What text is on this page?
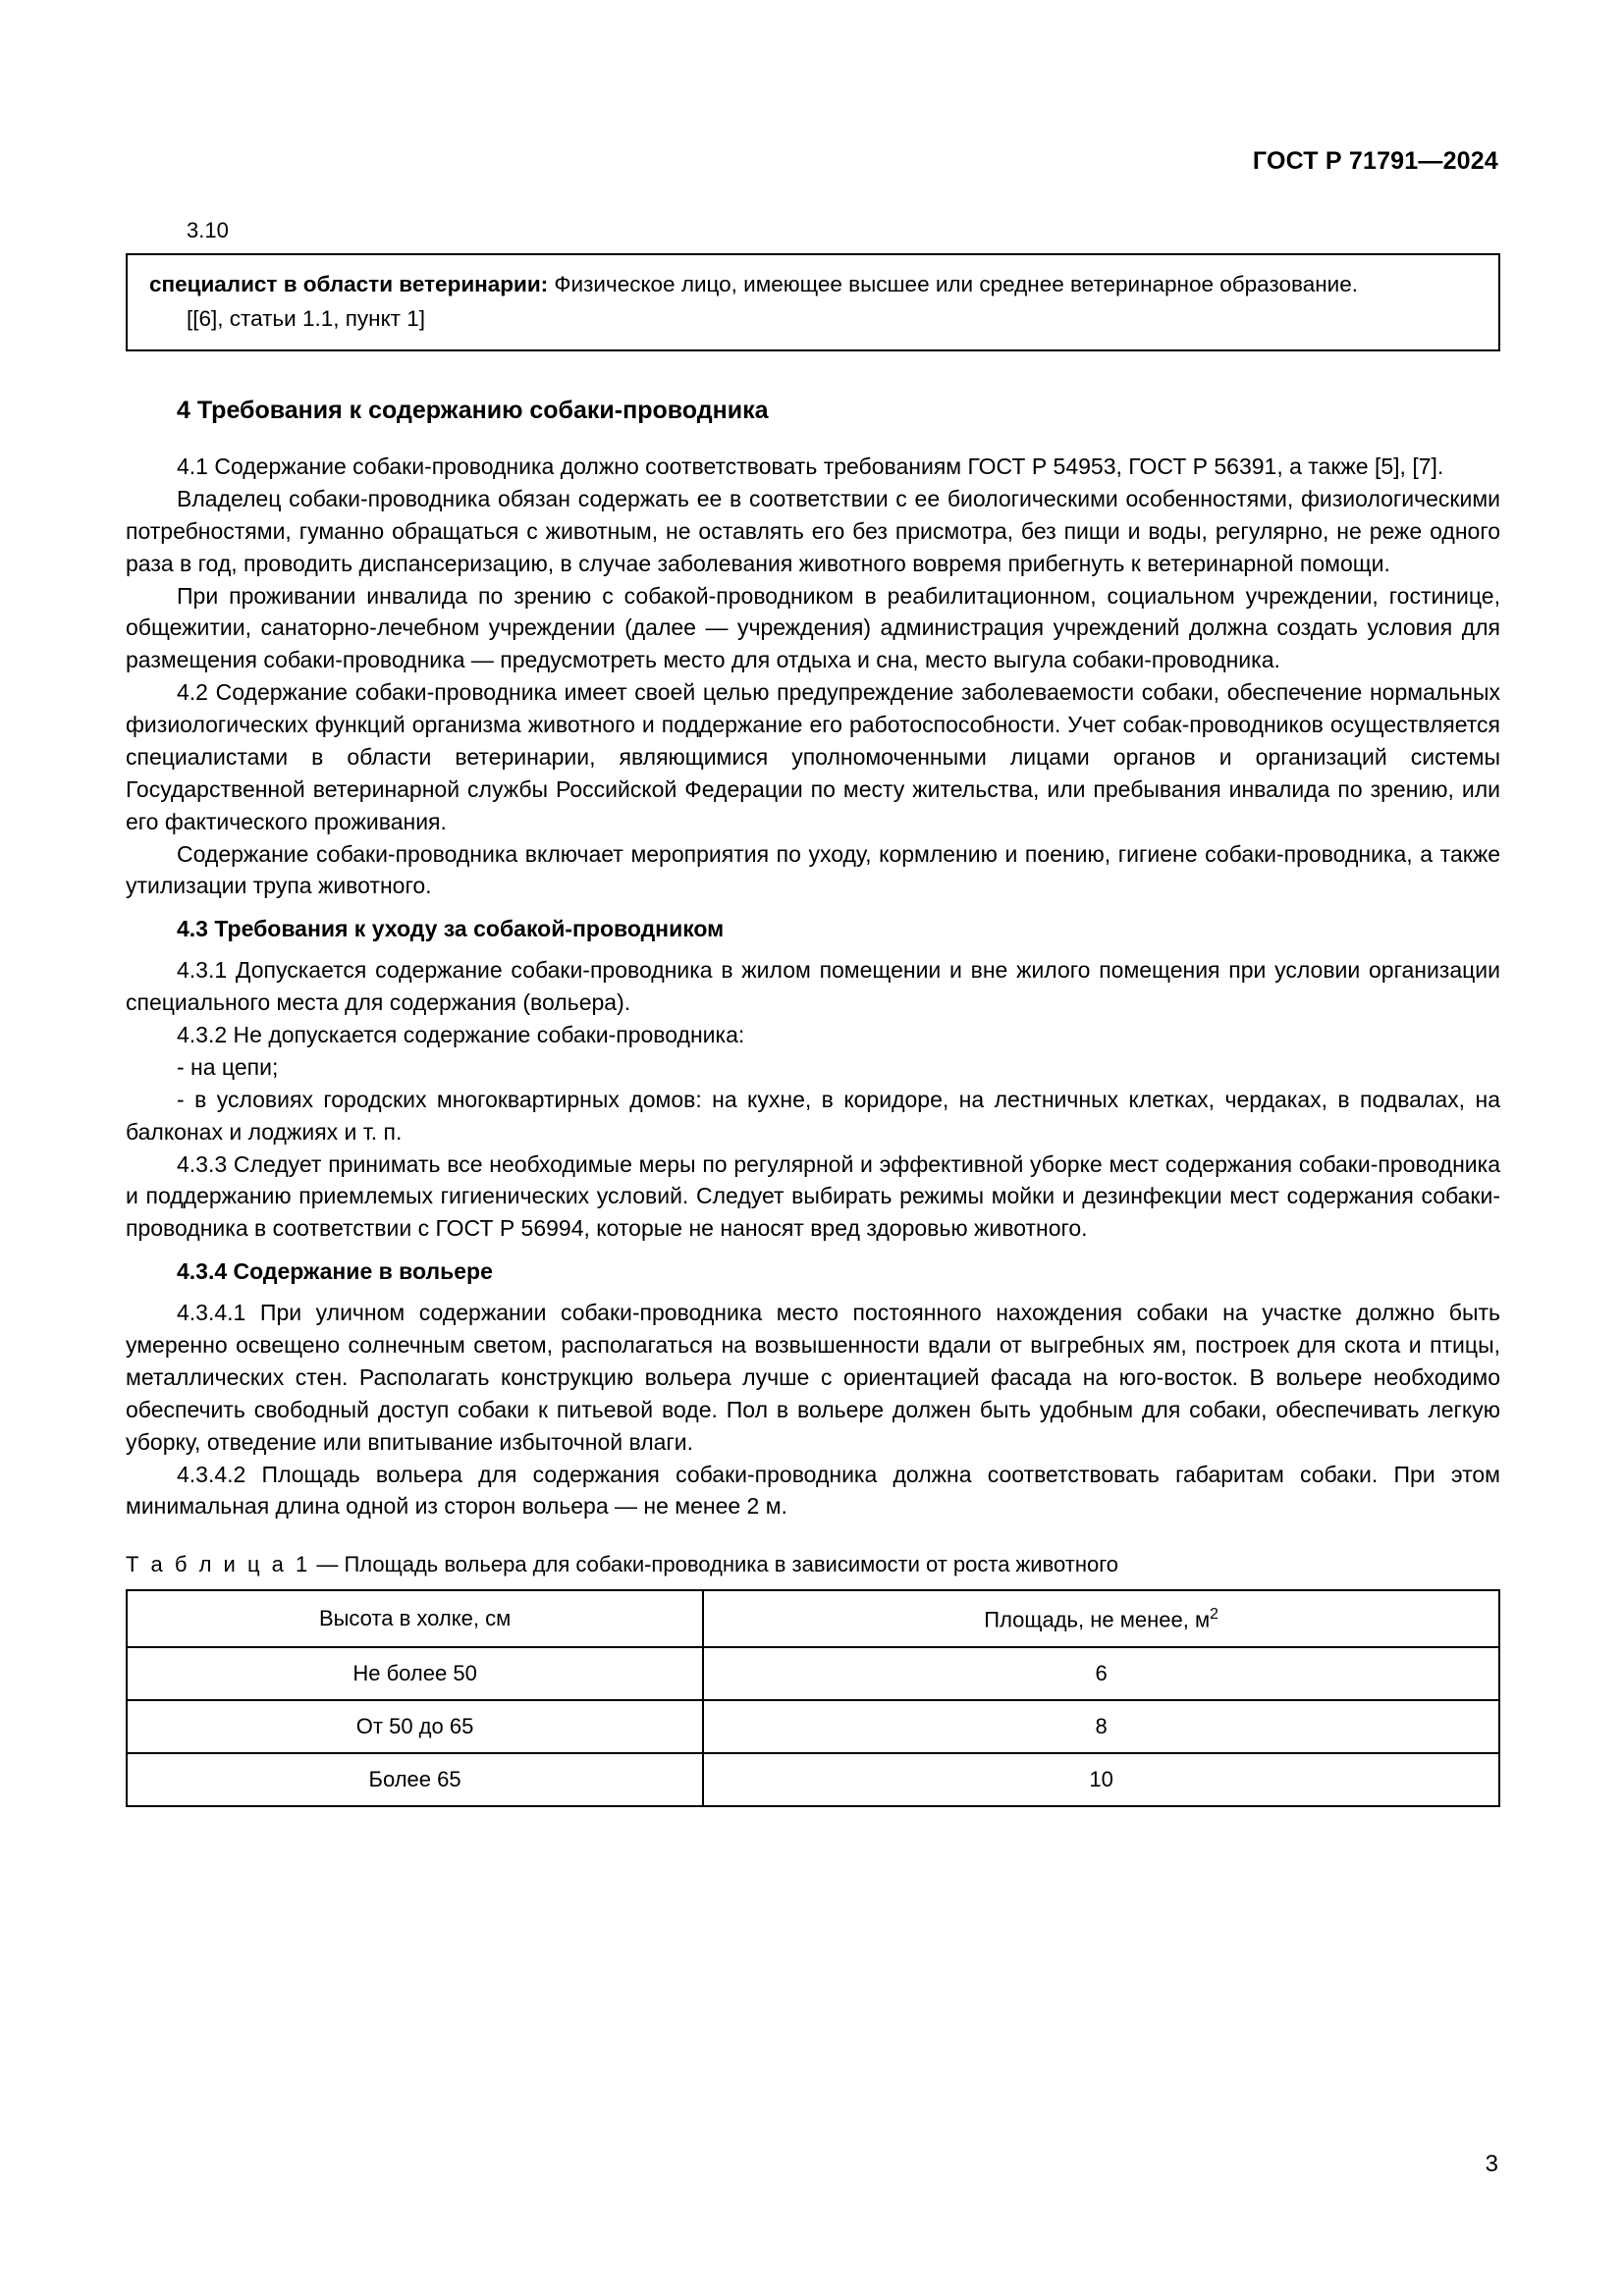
ГОСТ Р 71791—2024
3.10

специалист в области ветеринарии: Физическое лицо, имеющее высшее или среднее ветеринарное образование.

[[6], статьи 1.1, пункт 1]

4 Требования к содержанию собаки-проводника

4.1 Содержание собаки-проводника должно соответствовать требованиям ГОСТ Р 54953, ГОСТ Р 56391, а также [5], [7].

Владелец собаки-проводника обязан содержать ее в соответствии с ее биологическими особенностями, физиологическими потребностями, гуманно обращаться с животным, не оставлять его без присмотра, без пищи и воды, регулярно, не реже одного раза в год, проводить диспансеризацию, в случае заболевания животного вовремя прибегнуть к ветеринарной помощи.

При проживании инвалида по зрению с собакой-проводником в реабилитационном, социальном учреждении, гостинице, общежитии, санаторно-лечебном учреждении (далее — учреждения) администрация учреждений должна создать условия для размещения собаки-проводника — предусмотреть место для отдыха и сна, место выгула собаки-проводника.

4.2 Содержание собаки-проводника имеет своей целью предупреждение заболеваемости собаки, обеспечение нормальных физиологических функций организма животного и поддержание его работоспособности. Учет собак-проводников осуществляется специалистами в области ветеринарии, являющимися уполномоченными лицами органов и организаций системы Государственной ветеринарной службы Российской Федерации по месту жительства, или пребывания инвалида по зрению, или его фактического проживания.

Содержание собаки-проводника включает мероприятия по уходу, кормлению и поению, гигиене собаки-проводника, а также утилизации трупа животного.

4.3 Требования к уходу за собакой-проводником

4.3.1 Допускается содержание собаки-проводника в жилом помещении и вне жилого помещения при условии организации специального места для содержания (вольера).

4.3.2 Не допускается содержание собаки-проводника:

- на цепи;

- в условиях городских многоквартирных домов: на кухне, в коридоре, на лестничных клетках, чердаках, в подвалах, на балконах и лоджиях и т. п.

4.3.3 Следует принимать все необходимые меры по регулярной и эффективной уборке мест содержания собаки-проводника и поддержанию приемлемых гигиенических условий. Следует выбирать режимы мойки и дезинфекции мест содержания собаки-проводника в соответствии с ГОСТ Р 56994, которые не наносят вред здоровью животного.

4.3.4 Содержание в вольере

4.3.4.1 При уличном содержании собаки-проводника место постоянного нахождения собаки на участке должно быть умеренно освещено солнечным светом, располагаться на возвышенности вдали от выгребных ям, построек для скота и птицы, металлических стен. Располагать конструкцию вольера лучше с ориентацией фасада на юго-восток. В вольере необходимо обеспечить свободный доступ собаки к питьевой воде. Пол в вольере должен быть удобным для собаки, обеспечивать легкую уборку, отведение или впитывание избыточной влаги.

4.3.4.2 Площадь вольера для содержания собаки-проводника должна соответствовать габаритам собаки. При этом минимальная длина одной из сторон вольера — не менее 2 м.

Т а б л и ц а 1 — Площадь вольера для собаки-проводника в зависимости от роста животного
Высота в холке, см	Площадь, не менее, $м^2$
Не более 50	6
От 50 до 65	8
Более 65	10
3
